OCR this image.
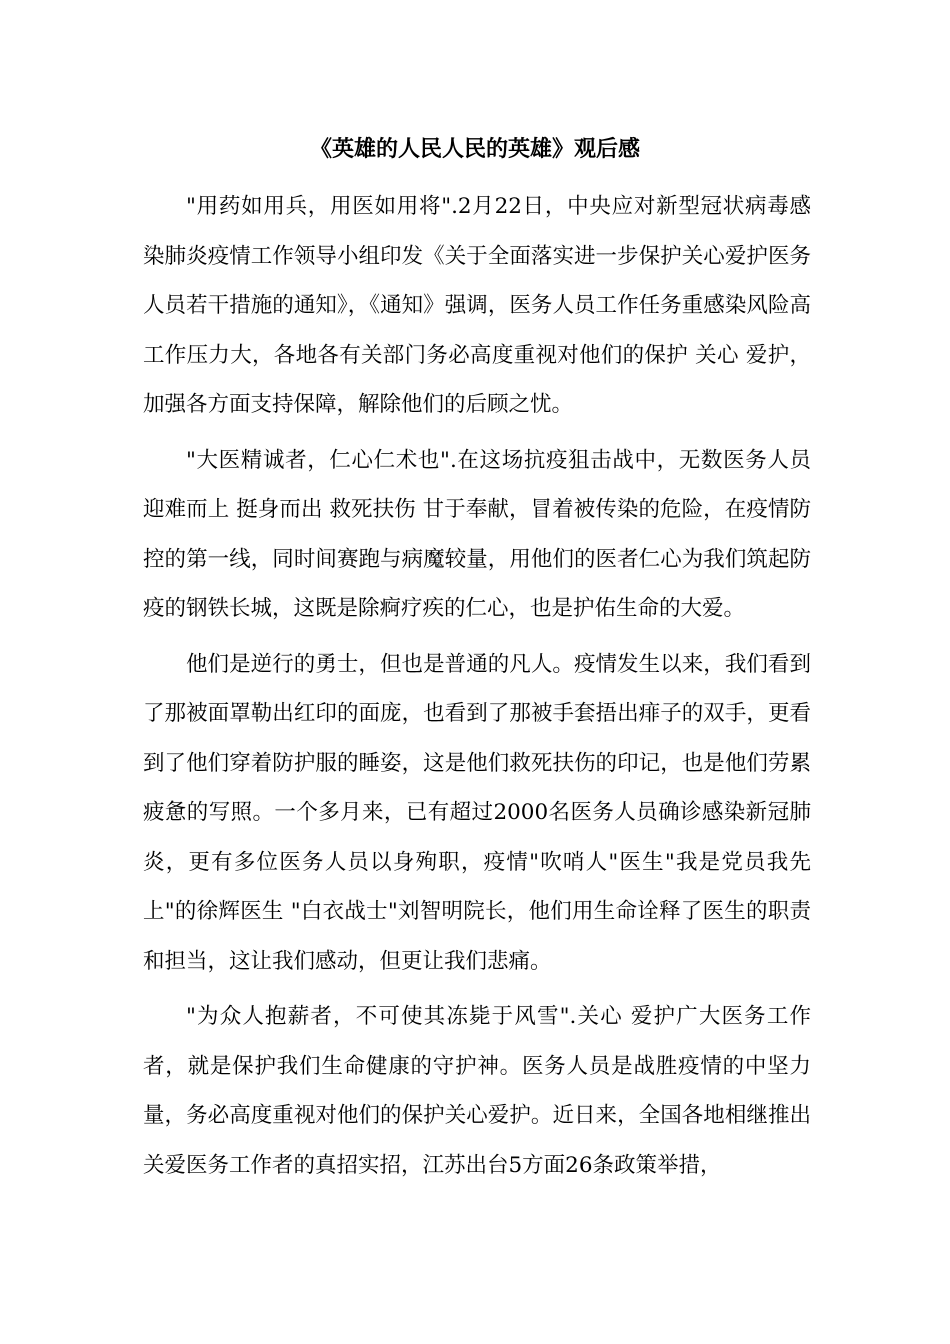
《英雄的人民人民的英雄》观后感

"用药如用兵，用医如用将".2月22日，中央应对新型冠状病毒感染肺炎疫情工作领导小组印发《关于全面落实进一步保护关心爱护医务人员若干措施的通知》，《通知》强调，医务人员工作任务重感染风险高 工作压力大，各地各有关部门务必高度重视对他们的保护 关心 爱护，加强各方面支持保障，解除他们的后顾之忧。

"大医精诚者，仁心仁术也".在这场抗疫狙击战中，无数医务人员迎难而上 挺身而出 救死扶伤 甘于奉献，冒着被传染的危险，在疫情防控的第一线，同时间赛跑与病魔较量，用他们的医者仁心为我们筑起防疫的钢铁长城，这既是除痾疗疾的仁心，也是护佑生命的大爱。

他们是逆行的勇士，但也是普通的凡人。疫情发生以来，我们看到了那被面罩勒出红印的面庞，也看到了那被手套捂出痱子的双手，更看到了他们穿着防护服的睡姿，这是他们救死扶伤的印记，也是他们劳累疲惫的写照。一个多月来，已有超过2000名医务人员确诊感染新冠肺炎，更有多位医务人员以身殉职，疫情"吹哨人"医生"我是党员我先上"的徐辉医生 "白衣战士"刘智明院长，他们用生命诠释了医生的职责和担当，这让我们感动，但更让我们悲痛。

"为众人抱薪者，不可使其冻毙于风雪".关心 爱护广大医务工作者，就是保护我们生命健康的守护神。医务人员是战胜疫情的中坚力量，务必高度重视对他们的保护关心爱护。近日来，全国各地相继推出关爱医务工作者的真招实招，江苏出台5方面26条政策举措，
